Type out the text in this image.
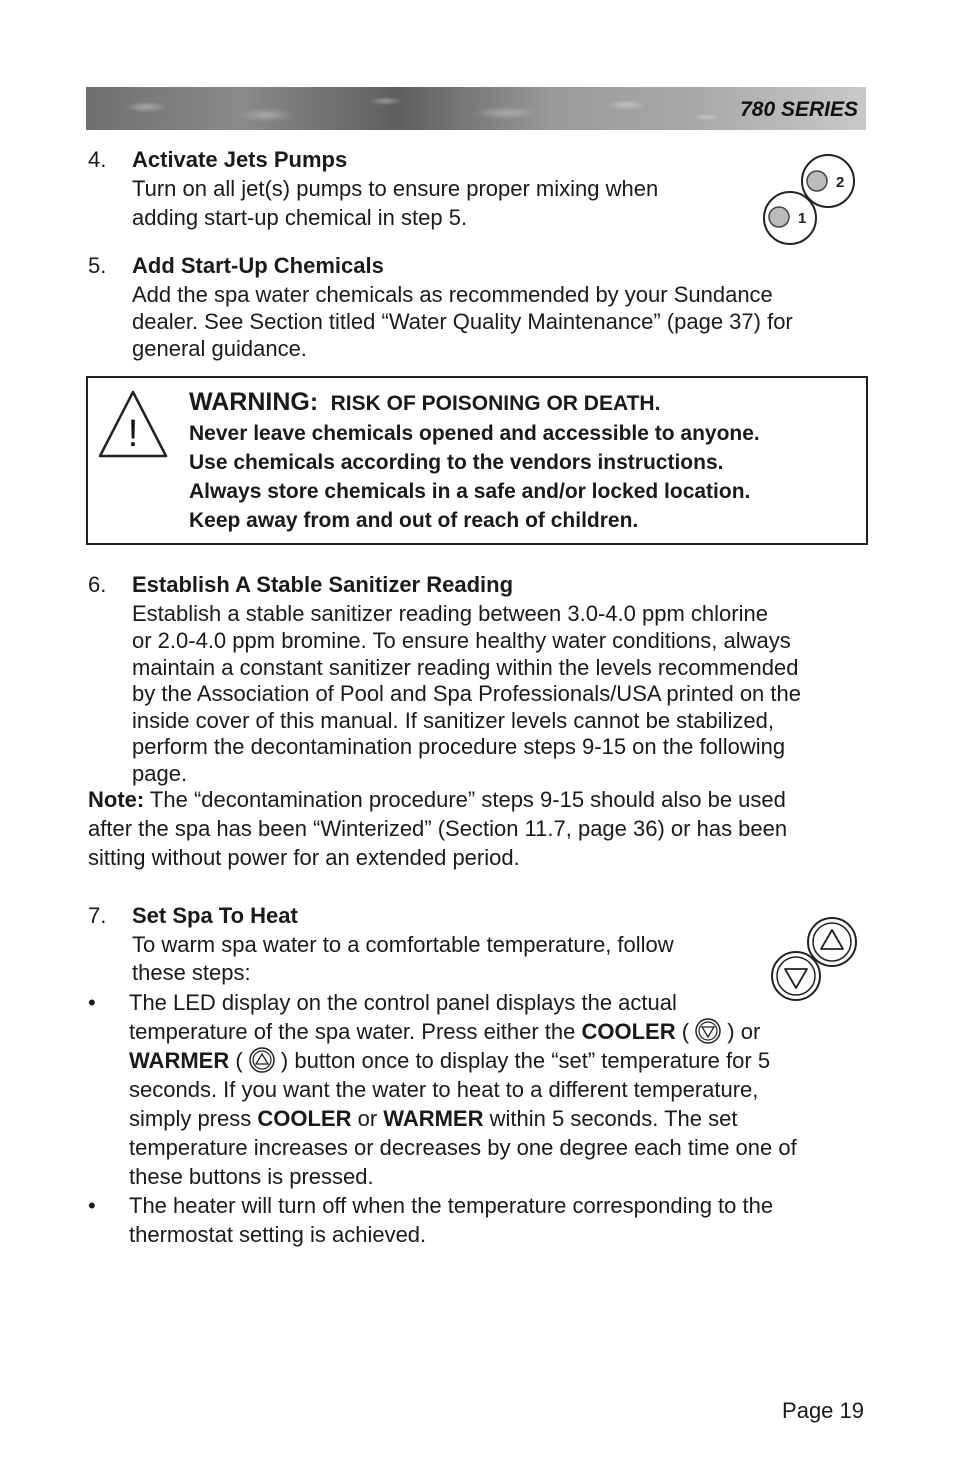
780 SERIES
4. Activate Jets Pumps
Turn on all jet(s) pumps to ensure proper mixing when
adding start-up chemical in step 5.
2
1
5. Add Start-Up Chemicals
Add the spa water chemicals as recommended by your Sundance
dealer. See Section titled “Water Quality Maintenance” (page 37) for
general guidance.
!
WARNING: RISK OF POISONING OR DEATH.
Never leave chemicals opened and accessible to anyone.
Use chemicals according to the vendors instructions.
Always store chemicals in a safe and/or locked location.
Keep away from and out of reach of children.
6. Establish A Stable Sanitizer Reading
Establish a stable sanitizer reading between 3.0-4.0 ppm chlorine
or 2.0-4.0 ppm bromine. To ensure healthy water conditions, always
maintain a constant sanitizer reading within the levels recommended
by the Association of Pool and Spa Professionals/USA printed on the
inside cover of this manual. If sanitizer levels cannot be stabilized,
perform the decontamination procedure steps 9-15 on the following
page.
Note: The “decontamination procedure” steps 9-15 should also be used
after the spa has been “Winterized” (Section 11.7, page 36) or has been
sitting without power for an extended period.
7. Set Spa To Heat
To warm spa water to a comfortable temperature, follow
these steps:
• The LED display on the control panel displays the actual
temperature of the spa water. Press either the COOLER (  ) or
WARMER (  ) button once to display the “set” temperature for 5
seconds. If you want the water to heat to a different temperature,
simply press COOLER or WARMER within 5 seconds. The set
temperature increases or decreases by one degree each time one of
these buttons is pressed.
• The heater will turn off when the temperature corresponding to the
thermostat setting is achieved.
Page 19
